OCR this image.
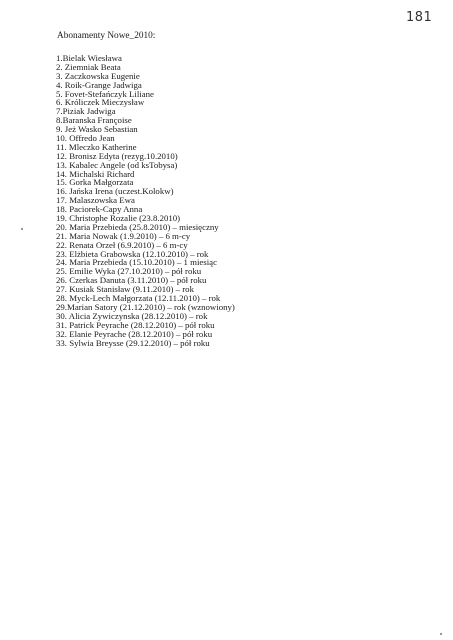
181
Abonamenty Nowe_2010:
1.Bielak Wiesława
2. Ziemniak Beata
3. Zaczkowska Eugenie
4. Roik-Grange Jadwiga
5. Fovet-Stefańczyk Liliane
6. Króliczek Mieczysław
7.Piziak Jadwiga
8.Baranska Françoise
9. Jeż Wasko Sebastian
10. Offredo Jean
11. Mleczko Katherine
12. Bronisz Edyta (rezyg.10.2010)
13. Kabalec Angele (od ksTobysa)
14. Michalski Richard
15. Gorka Małgorzata
16. Jańska Irena (uczest.Kolokw)
17. Malaszowska Ewa
18. Paciorek-Capy Anna
19. Christophe Rozalie (23.8.2010)
20. Maria Przebieda (25.8.2010) – miesięczny
21. Maria Nowak (1.9.2010) – 6 m-cy
22. Renata Orzeł (6.9.2010) – 6 m-cy
23. Elżbieta Grabowska (12.10.2010) – rok
24. Maria Przebieda (15.10.2010) – 1 miesiąc
25. Emilie Wyka (27.10.2010) – pół roku
26. Czerkas Danuta (3.11.2010) – pół roku
27. Kusiak Stanisław (9.11.2010) – rok
28. Myck-Lech Małgorzata (12.11.2010) – rok
29.Marian Satory (21.12.2010) – rok (wznowiony)
30. Alicia Zywiczynska (28.12.2010) – rok
31. Patrick Peyrache (28.12.2010) – pół roku
32. Elanie Peyrache (28.12.2010) – pół roku
33. Sylwia Breysse (29.12.2010) – pół roku
